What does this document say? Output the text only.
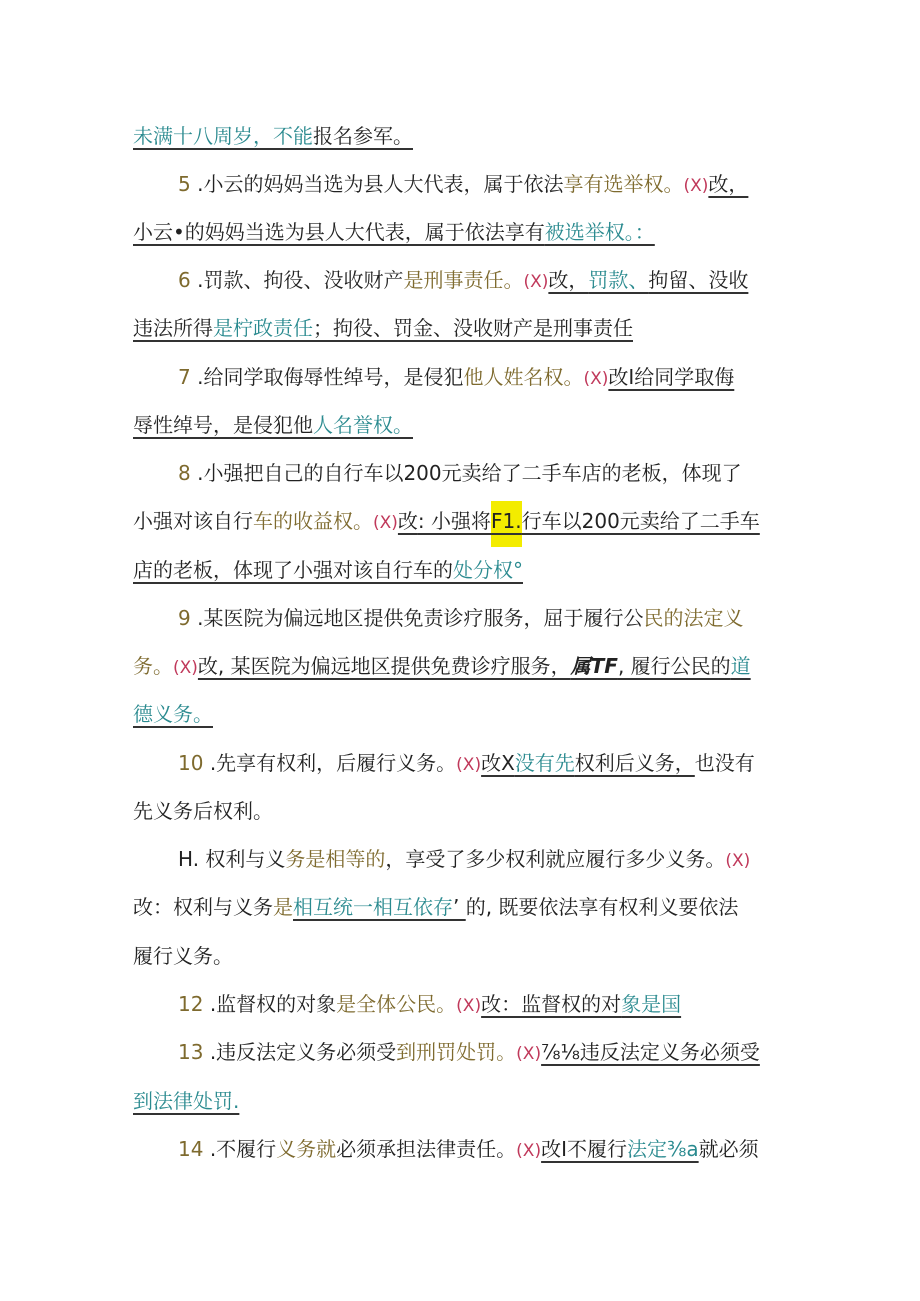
未满十八周岁，不能报名参军。
5 .小云的妈妈当选为县人大代表，属于依法享有选举权。(X)改，
小云•的妈妈当选为县人大代表，属于依法享有被选举权。：
6 .罚款、拘役、没收财产是刑事责任。(X)改，罚款、拘留、没收
违法所得是柠政责任；拘役、罚金、没收财产是刑事责任
7 .给同学取侮辱性绰号，是侵犯他人姓名权。(X)改I给同学取侮
辱性绰号，是侵犯他人名誉权。
8 .小强把自己的自行车以200元卖给了二手车店的老板，体现了
小强对该自行车的收益权。(X)改: 小强将F1.行车以200元卖给了二手车
店的老板，体现了小强对该自行车的处分权°
9 .某医院为偏远地区提供免责诊疗服务，屈于履行公民的法定义
务。(X)改, 某医院为偏远地区提供免费诊疗服务，属TF, 履行公民的道
德义务。
10 .先享有权利，后履行义务。(X)改X没有先权利后义务，也没有
先义务后权利。
H. 权利与义务是相等的，享受了多少权利就应履行多少义务。(X)
改：权利与义务是相互统一相互依存’ 的, 既要依法享有权利义要依法
履行义务。
12 .监督权的对象是全体公民。(X)改：监督权的对象是国
13 .违反法定义务必须受到刑罚处罚。(X)⅞⅛违反法定义务必须受
到法律处罚.
14 .不履行义务就必须承担法律责任。(X)改I不履行法定⅜a就必须
